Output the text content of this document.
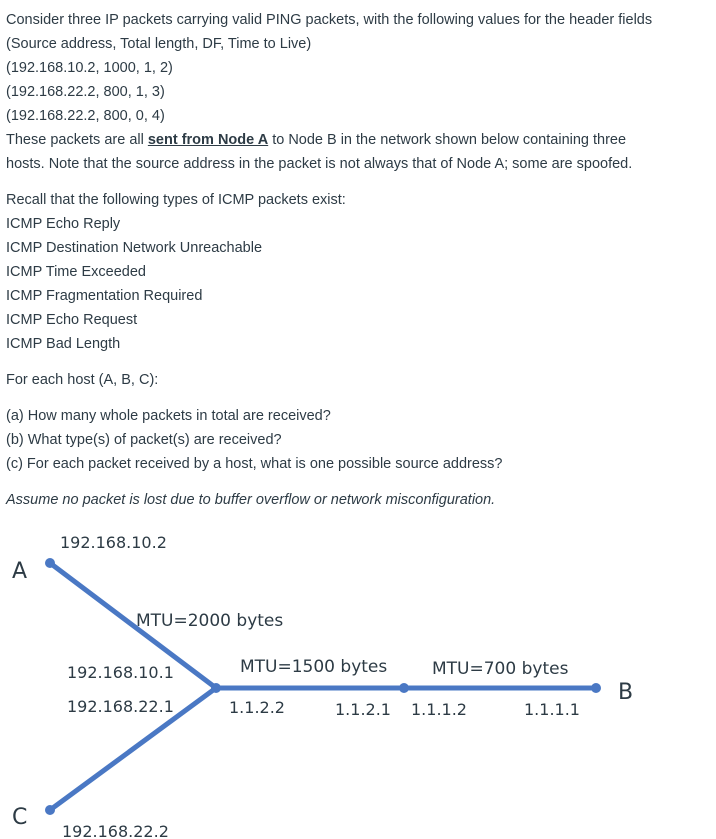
Consider three IP packets carrying valid PING packets, with the following values for the header fields
(Source address, Total length, DF, Time to Live)
(192.168.10.2, 1000, 1, 2)
(192.168.22.2, 800, 1, 3)
(192.168.22.2, 800, 0, 4)
These packets are all sent from Node A to Node B in the network shown below containing three
hosts. Note that the source address in the packet is not always that of Node A; some are spoofed.
Recall that the following types of ICMP packets exist:
ICMP Echo Reply
ICMP Destination Network Unreachable
ICMP Time Exceeded
ICMP Fragmentation Required
ICMP Echo Request
ICMP Bad Length
For each host (A, B, C):
(a) How many whole packets in total are received?
(b) What type(s) of packet(s) are received?
(c) For each packet received by a host, what is one possible source address?
Assume no packet is lost due to buffer overflow or network misconfiguration.
A
B
C
192.168.10.2
192.168.22.2
192.168.10.1
192.168.22.1	1.1.2.2	1.1.2.1 1.1.1.2	1.1.1.1
MTU=2000 bytes
MTU=1500 bytes	MTU=700 bytes
